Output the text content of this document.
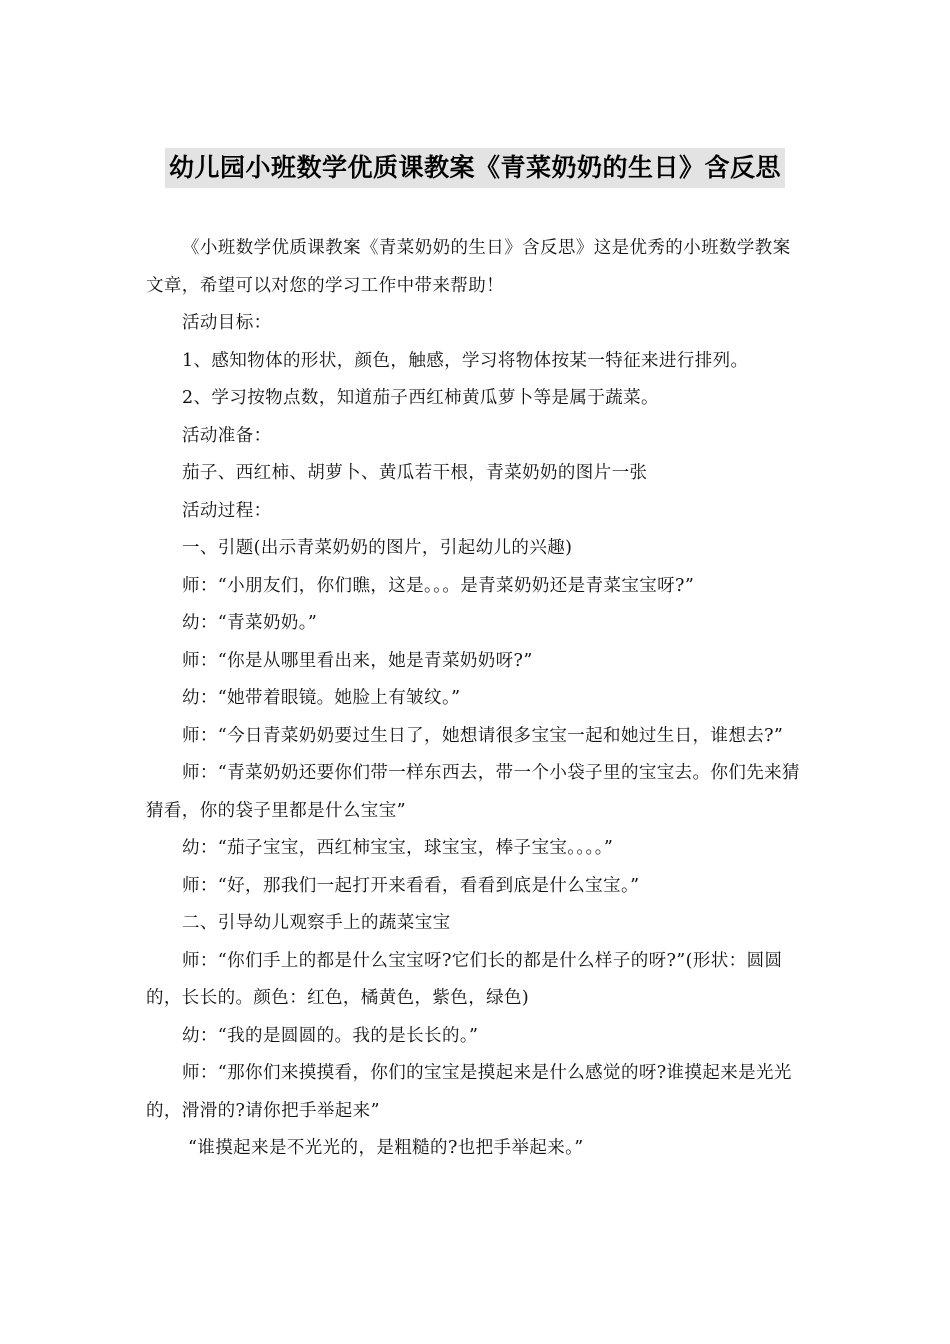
幼儿园小班数学优质课教案《青菜奶奶的生日》含反思

《小班数学优质课教案《青菜奶奶的生日》含反思》这是优秀的小班数学教案文章，希望可以对您的学习工作中带来帮助！

活动目标：

1、感知物体的形状，颜色，触感，学习将物体按某一特征来进行排列。

2、学习按物点数，知道茄子西红柿黄瓜萝卜等是属于蔬菜。

活动准备：

茄子、西红柿、胡萝卜、黄瓜若干根，青菜奶奶的图片一张

活动过程：

一、引题(出示青菜奶奶的图片，引起幼儿的兴趣)

师：“小朋友们，你们瞧，这是。。。是青菜奶奶还是青菜宝宝呀?”

幼：“青菜奶奶。”

师：“你是从哪里看出来，她是青菜奶奶呀?”

幼：“她带着眼镜。她脸上有皱纹。”

师：“今日青菜奶奶要过生日了，她想请很多宝宝一起和她过生日，谁想去?”

师：“青菜奶奶还要你们带一样东西去，带一个小袋子里的宝宝去。你们先来猜猜看，你的袋子里都是什么宝宝”

幼：“茄子宝宝，西红柿宝宝，球宝宝，棒子宝宝。。。。”

师：“好，那我们一起打开来看看，看看到底是什么宝宝。”

二、引导幼儿观察手上的蔬菜宝宝

师：“你们手上的都是什么宝宝呀?它们长的都是什么样子的呀?”(形状：圆圆的，长长的。颜色：红色，橘黄色，紫色，绿色)

幼：“我的是圆圆的。我的是长长的。”

师：“那你们来摸摸看，你们的宝宝是摸起来是什么感觉的呀?谁摸起来是光光的，滑滑的?请你把手举起来”

“谁摸起来是不光光的，是粗糙的?也把手举起来。”
